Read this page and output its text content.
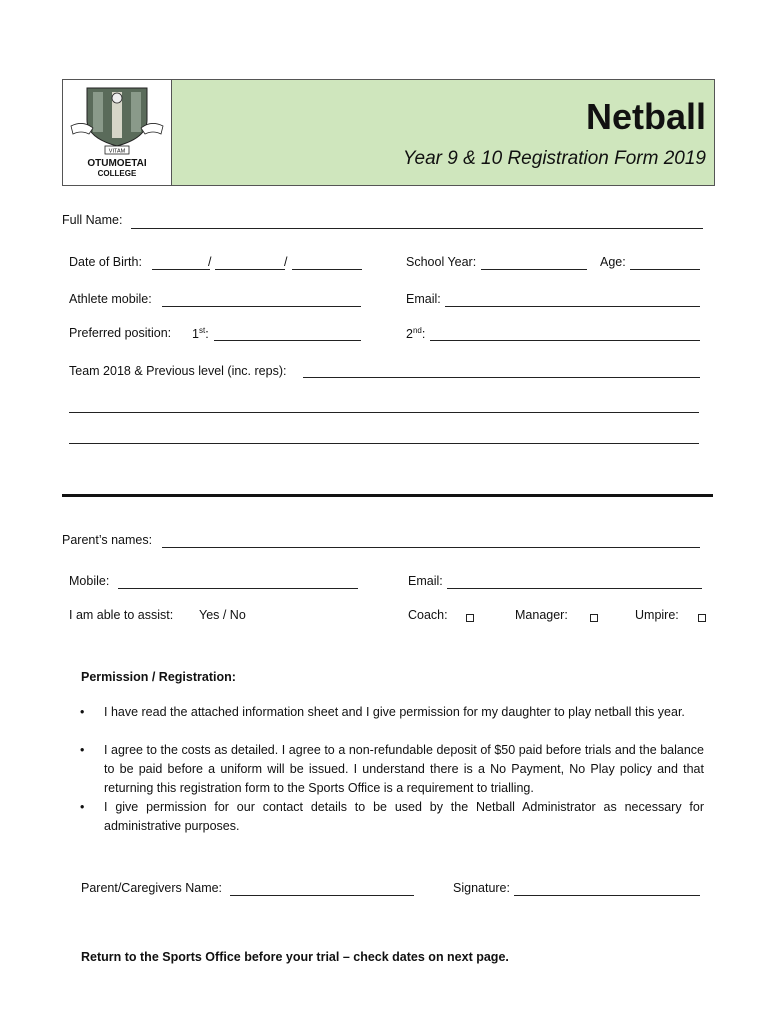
VITAM
OTUMOETAI
COLLEGE
Netball
Year 9 & 10 Registration Form 2019
Full Name:
Date of Birth:	/	/	School Year:	Age:
Athlete mobile:	Email:
Preferred position: 1st:	2nd:
Team 2018 & Previous level (inc. reps):
Parent’s names:
Mobile:	Email:
I am able to assist: Yes / No	Coach:	Manager:	Umpire:
Permission / Registration:
• I have read the attached information sheet and I give permission for my daughter to play netball this year.
• I agree to the costs as detailed. I agree to a non-refundable deposit of $50 paid before trials and the balance to be paid before a uniform will be issued. I understand there is a No Payment, No Play policy and that returning this registration form to the Sports Office is a requirement to trialling.
• I give permission for our contact details to be used by the Netball Administrator as necessary for administrative purposes.
Parent/Caregivers Name:	Signature:
Return to the Sports Office before your trial – check dates on next page.
